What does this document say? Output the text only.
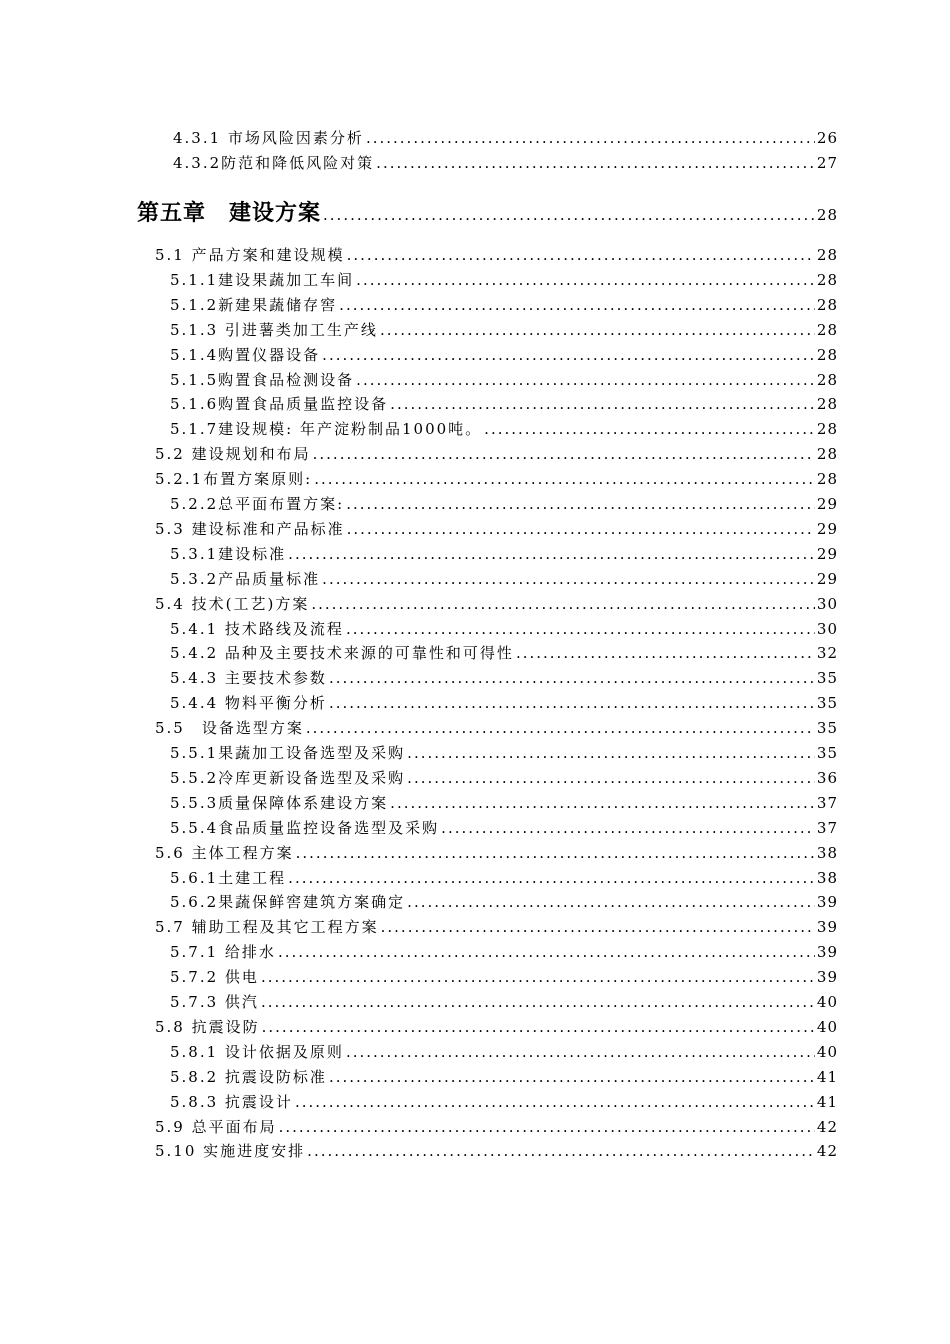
4.3.1 市场风险因素分析 .....	26
4.3.2防范和降低风险对策 .....	27
第五章　建设方案 .....	28
5.1 产品方案和建设规模 .....	28
5.1.1建设果蔬加工车间 .....	28
5.1.2新建果蔬储存窖 .....	28
5.1.3 引进薯类加工生产线 .....	28
5.1.4购置仪器设备 .....	28
5.1.5购置食品检测设备 .....	28
5.1.6购置食品质量监控设备 .....	28
5.1.7建设规模: 年产淀粉制品1000吨。 .....	28
5.2 建设规划和布局 .....	28
5.2.1布置方案原则: .....	28
5.2.2总平面布置方案: .....	29
5.3 建设标准和产品标准 .....	29
5.3.1建设标准 .....	29
5.3.2产品质量标准 .....	29
5.4 技术(工艺)方案 .....	30
5.4.1 技术路线及流程 .....	30
5.4.2 品种及主要技术来源的可靠性和可得性 .....	32
5.4.3 主要技术参数 .....	35
5.4.4 物料平衡分析 .....	35
5.5　设备选型方案 .....	35
5.5.1果蔬加工设备选型及采购 .....	35
5.5.2冷库更新设备选型及采购 .....	36
5.5.3质量保障体系建设方案 .....	37
5.5.4食品质量监控设备选型及采购 .....	37
5.6 主体工程方案 .....	38
5.6.1土建工程 .....	38
5.6.2果蔬保鲜窖建筑方案确定 .....	39
5.7 辅助工程及其它工程方案 .....	39
5.7.1 给排水 .....	39
5.7.2 供电 .....	39
5.7.3 供汽 .....	40
5.8 抗震设防 .....	40
5.8.1 设计依据及原则 .....	40
5.8.2 抗震设防标准 .....	41
5.8.3 抗震设计 .....	41
5.9 总平面布局 .....	42
5.10 实施进度安排 .....	42
